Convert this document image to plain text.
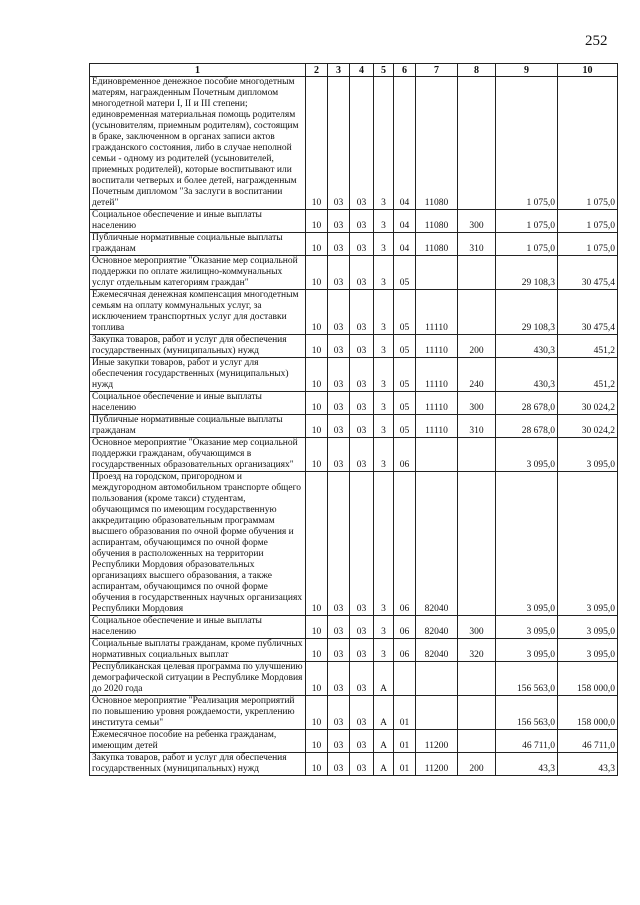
252
1	2	3	4	5	6	7	8	9	10
Единовременное денежное пособие многодетным матерям, награжденным Почетным дипломом многодетной матери I, II и III степени; единовременная материальная помощь родителям (усыновителям, приемным родителям), состоящим в браке, заключенном в органах записи актов гражданского состояния, либо в случае неполной семьи - одному из родителей (усыновителей, приемных родителей), которые воспитывают или воспитали четверых и более детей, награжденным Почетным дипломом "За заслуги в воспитании детей"	10	03	03	3	04	11080		1 075,0	1 075,0
Социальное обеспечение и иные выплаты населению	10	03	03	3	04	11080	300	1 075,0	1 075,0
Публичные нормативные социальные выплаты гражданам	10	03	03	3	04	11080	310	1 075,0	1 075,0
Основное мероприятие "Оказание мер социальной поддержки по оплате жилищно-коммунальных услуг отдельным категориям граждан"	10	03	03	3	05			29 108,3	30 475,4
Ежемесячная денежная компенсация многодетным семьям на оплату коммунальных услуг, за исключением транспортных услуг для доставки топлива	10	03	03	3	05	11110		29 108,3	30 475,4
Закупка товаров, работ и услуг для обеспечения государственных (муниципальных) нужд	10	03	03	3	05	11110	200	430,3	451,2
Иные закупки товаров, работ и услуг для обеспечения государственных (муниципальных) нужд	10	03	03	3	05	11110	240	430,3	451,2
Социальное обеспечение и иные выплаты населению	10	03	03	3	05	11110	300	28 678,0	30 024,2
Публичные нормативные социальные выплаты гражданам	10	03	03	3	05	11110	310	28 678,0	30 024,2
Основное мероприятие "Оказание мер социальной поддержки гражданам, обучающимся в государственных образовательных организациях"	10	03	03	3	06			3 095,0	3 095,0
Проезд на городском, пригородном и междугородном автомобильном транспорте общего пользования (кроме такси) студентам, обучающимся по имеющим государственную аккредитацию образовательным программам высшего образования по очной форме обучения и аспирантам, обучающимся по очной форме обучения в расположенных на территории Республики Мордовия образовательных организациях высшего образования, а также аспирантам, обучающимся по очной форме обучения в государственных научных организациях Республики Мордовия	10	03	03	3	06	82040		3 095,0	3 095,0
Социальное обеспечение и иные выплаты населению	10	03	03	3	06	82040	300	3 095,0	3 095,0
Социальные выплаты гражданам, кроме публичных нормативных социальных выплат	10	03	03	3	06	82040	320	3 095,0	3 095,0
Республиканская целевая программа по улучшению демографической ситуации в Республике Мордовия до 2020 года	10	03	03	А				156 563,0	158 000,0
Основное мероприятие "Реализация мероприятий по повышению уровня рождаемости, укреплению института семьи"	10	03	03	А	01			156 563,0	158 000,0
Ежемесячное пособие на ребенка гражданам, имеющим детей	10	03	03	А	01	11200		46 711,0	46 711,0
Закупка товаров, работ и услуг для обеспечения государственных (муниципальных) нужд	10	03	03	А	01	11200	200	43,3	43,3
